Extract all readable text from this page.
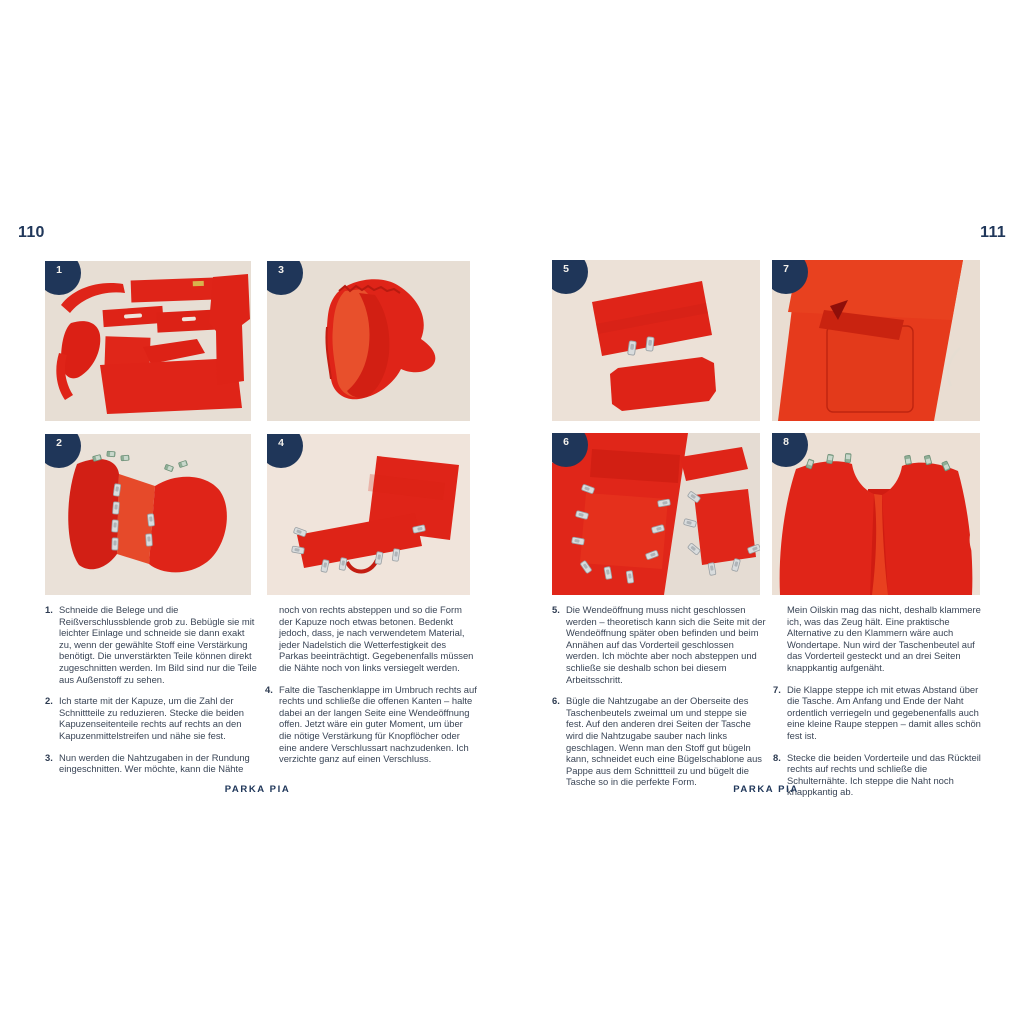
110
1	3
2	4
1. Schneide die Belege und die Reißverschlussblende grob zu. Bebügle sie mit leichter Einlage und schneide sie dann exakt zu, wenn der gewählte Stoff eine Verstärkung benötigt. Die unverstärkten Teile können direkt zugeschnitten werden. Im Bild sind nur die Teile aus Außenstoff zu sehen.

2. Ich starte mit der Kapuze, um die Zahl der Schnittteile zu reduzieren. Stecke die beiden Kapuzenseitenteile rechts auf rechts an den Kapuzenmittelstreifen und nähe sie fest.

3. Nun werden die Nahtzugaben in der Rundung eingeschnitten. Wer möchte, kann die Nähte

noch von rechts absteppen und so die Form der Kapuze noch etwas betonen. Bedenkt jedoch, dass, je nach verwendetem Material, jeder Nadelstich die Wetterfestigkeit des Parkas beeinträchtigt. Gegebenenfalls müssen die Nähte noch von links versiegelt werden.

4. Falte die Taschenklappe im Umbruch rechts auf rechts und schließe die offenen Kanten – halte dabei an der langen Seite eine Wendeöffnung offen. Jetzt wäre ein guter Moment, um über die nötige Verstärkung für Knopflöcher oder eine andere Verschlussart nachzudenken. Ich verzichte ganz auf einen Verschluss.

PARKA PIA
111
5	7
6	8
5. Die Wendeöffnung muss nicht geschlossen werden – theoretisch kann sich die Seite mit der Wendeöffnung später oben befinden und beim Annähen auf das Vorderteil geschlossen werden. Ich möchte aber noch absteppen und schließe sie deshalb schon bei diesem Arbeitsschritt.

6. Bügle die Nahtzugabe an der Oberseite des Taschenbeutels zweimal um und steppe sie fest. Auf den anderen drei Seiten der Tasche wird die Nahtzugabe sauber nach links geschlagen. Wenn man den Stoff gut bügeln kann, schneidet euch eine Bügelschablone aus Pappe aus dem Schnittteil zu und bügelt die Tasche so in die perfekte Form.

Mein Oilskin mag das nicht, deshalb klammere ich, was das Zeug hält. Eine praktische Alternative zu den Klammern wäre auch Wondertape. Nun wird der Taschenbeutel auf das Vorderteil gesteckt und an drei Seiten knappkantig aufgenäht.

7. Die Klappe steppe ich mit etwas Abstand über die Tasche. Am Anfang und Ende der Naht ordentlich verriegeln und gegebenenfalls auch eine kleine Raupe steppen – damit alles schön fest ist.

8. Stecke die beiden Vorderteile und das Rückteil rechts auf rechts und schließe die Schulternähte. Ich steppe die Naht noch knappkantig ab.

PARKA PIA
